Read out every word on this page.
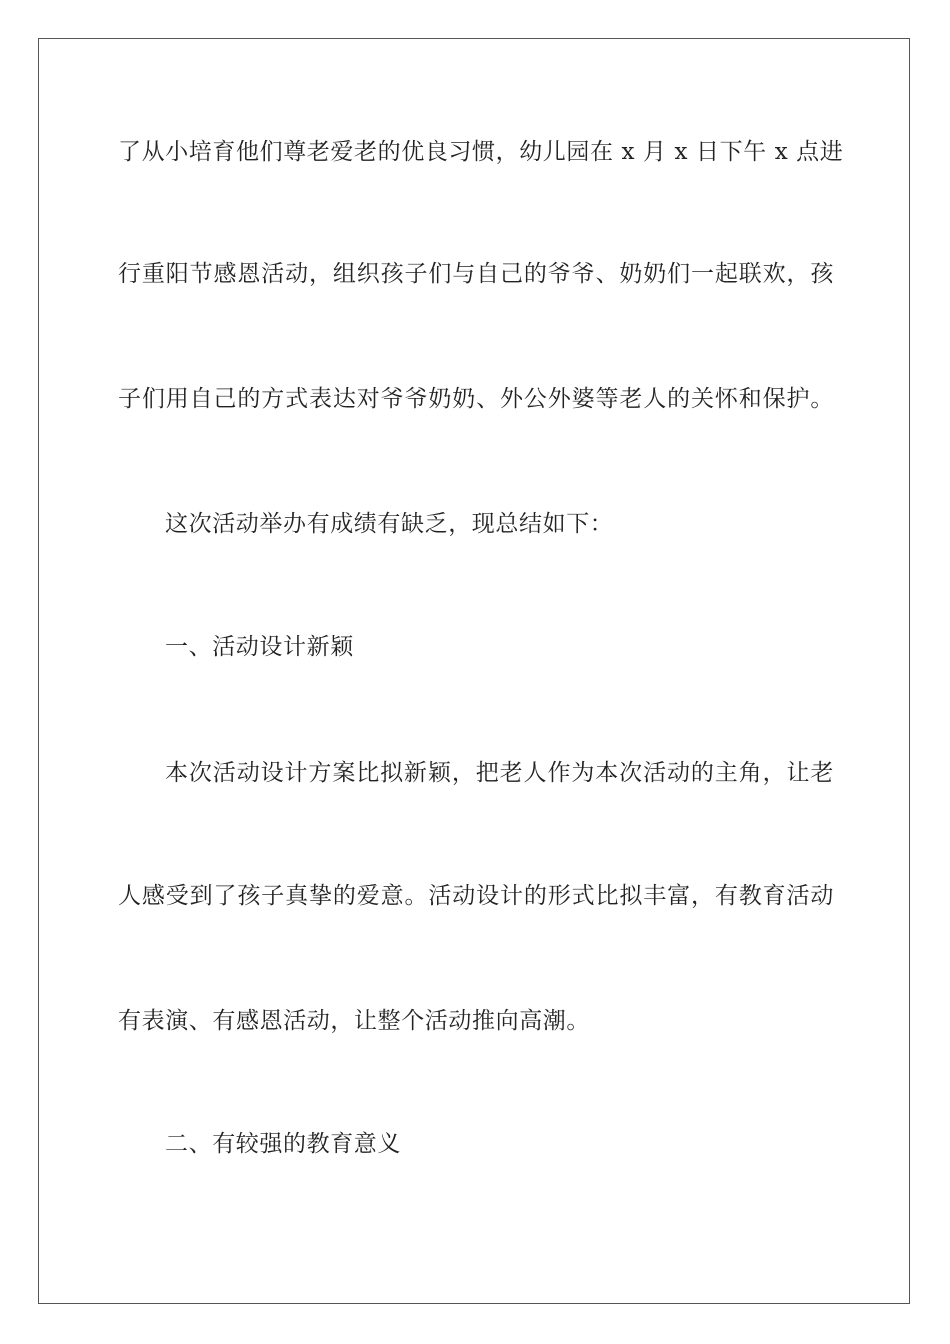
了从小培育他们尊老爱老的优良习惯，幼儿园在 x 月 x 日下午 x 点进
行重阳节感恩活动，组织孩子们与自己的爷爷、奶奶们一起联欢，孩
子们用自己的方式表达对爷爷奶奶、外公外婆等老人的关怀和保护。
这次活动举办有成绩有缺乏，现总结如下：
一、活动设计新颖
本次活动设计方案比拟新颖，把老人作为本次活动的主角，让老
人感受到了孩子真挚的爱意。活动设计的形式比拟丰富，有教育活动
有表演、有感恩活动，让整个活动推向高潮。
二、有较强的教育意义
